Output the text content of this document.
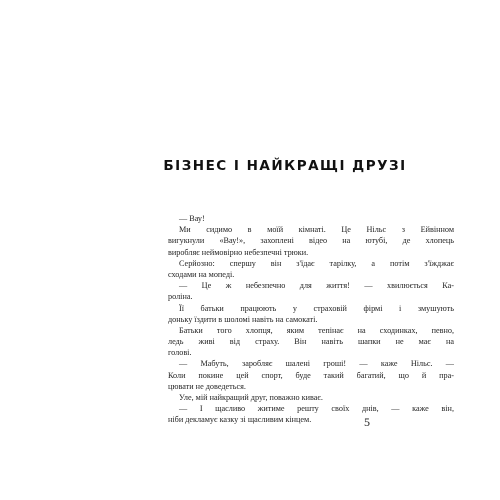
БІЗНЕС І НАЙКРАЩІ ДРУЗІ
— Вау!
Ми сидимо в моїй кімнаті. Це Нільс з Ейвінном
вигукнули «Вау!», захоплені відео на ютубі, де хлопець
виробляє неймовірно небезпечні трюки.
Серйозно: спершу він з'їдає тарілку, а потім з'їжджає
сходами на мопеді.
— Це ж небезпечно для життя! — хвилюється Ка-
роліна.
Її батьки працюють у страховій фірмі і змушують
доньку їздити в шоломі навіть на самокаті.
Батьки того хлопця, яким тепінає на сходинках, певно,
ледь живі від страху. Він навіть шапки не має на
голові.
— Мабуть, заробляє шалені гроші! — каже Нільс. —
Коли покине цей спорт, буде такий багатий, що й пра-
цювати не доведеться.
Уле, мій найкращий друг, поважно киває.
— І щасливо житиме решту своїх днів, — каже він,
ніби декламує казку зі щасливим кінцем.	5
